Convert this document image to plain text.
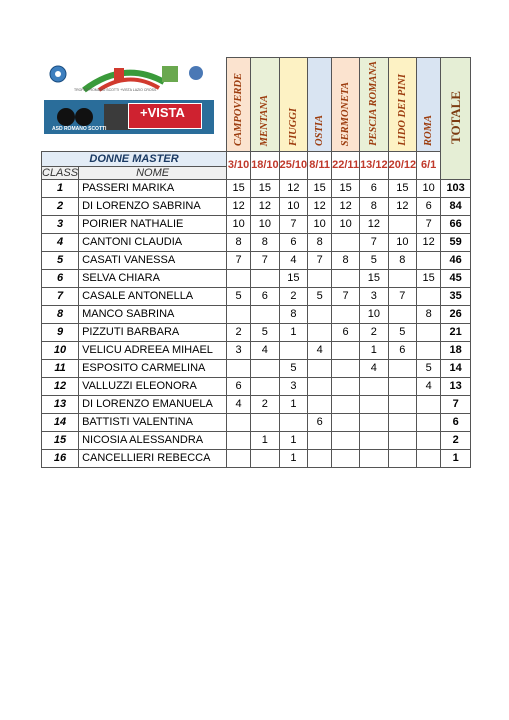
ASD ROMANO SCOTTI
+VISTA
TROFEO ROMANO SCOTTI +VISTA LAZIO CROSS
		CAMPOVERDE	MENTANA	FIUGGI	OSTIA	SERMONETA	PESCIA ROMANA	LIDO DEI PINI	ROMA	TOTALE
DONNE MASTER		3/10	18/10	25/10	8/11	22/11	13/12	20/12	6/1	
CLASS	NOME									
1	PASSERI MARIKA	15	15	12	15	15	6	15	10	103
2	DI LORENZO SABRINA	12	12	10	12	12	8	12	6	84
3	POIRIER NATHALIE	10	10	7	10	10	12		7	66
4	CANTONI CLAUDIA	8	8	6	8		7	10	12	59
5	CASATI VANESSA	7	7	4	7	8	5	8		46
6	SELVA CHIARA			15			15		15	45
7	CASALE ANTONELLA	5	6	2	5	7	3	7		35
8	MANCO SABRINA			8			10		8	26
9	PIZZUTI BARBARA	2	5	1		6	2	5		21
10	VELICU ADREEA MIHAEL	3	4		4		1	6		18
11	ESPOSITO CARMELINA			5			4		5	14
12	VALLUZZI ELEONORA	6		3					4	13
13	DI LORENZO EMANUELA	4	2	1						7
14	BATTISTI VALENTINA				6					6
15	NICOSIA ALESSANDRA		1	1						2
16	CANCELLIERI REBECCA			1						1
